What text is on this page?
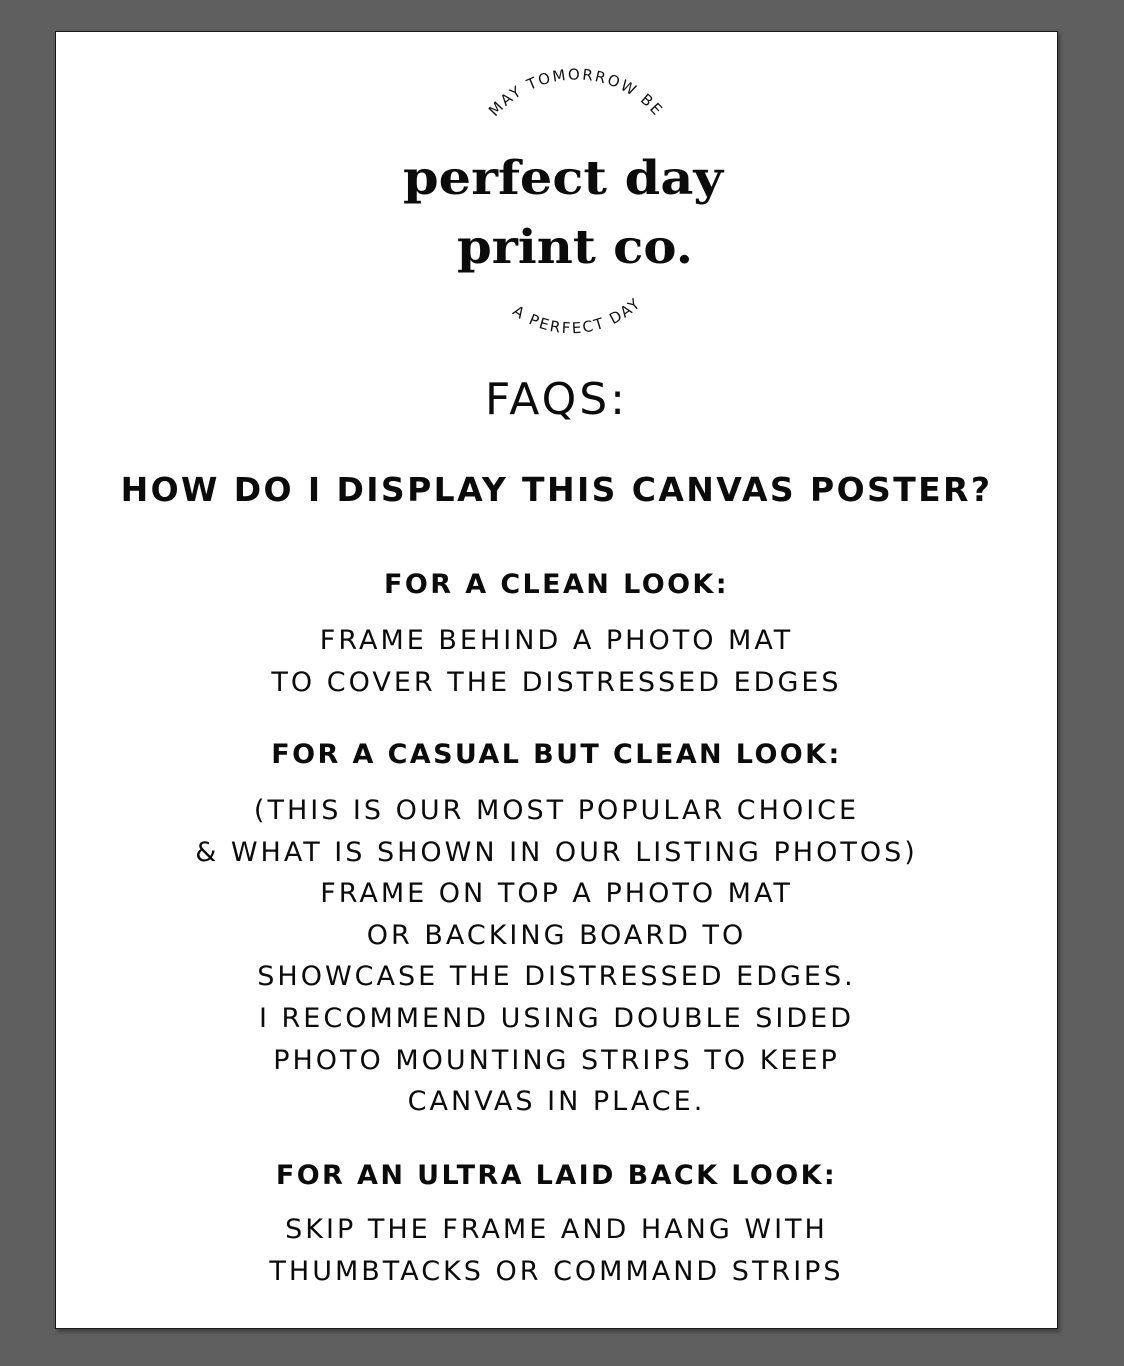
MAY TOMORROW BE
perfect day
print co.
A PERFECT DAY
FAQS:
HOW DO I DISPLAY THIS CANVAS POSTER?
FOR A CLEAN LOOK:
FRAME BEHIND A PHOTO MAT
TO COVER THE DISTRESSED EDGES
FOR A CASUAL BUT CLEAN LOOK:
(THIS IS OUR MOST POPULAR CHOICE
& WHAT IS SHOWN IN OUR LISTING PHOTOS)
FRAME ON TOP A PHOTO MAT
OR BACKING BOARD TO
SHOWCASE THE DISTRESSED EDGES.
I RECOMMEND USING DOUBLE SIDED
PHOTO MOUNTING STRIPS TO KEEP
CANVAS IN PLACE.
FOR AN ULTRA LAID BACK LOOK:
SKIP THE FRAME AND HANG WITH
THUMBTACKS OR COMMAND STRIPS
